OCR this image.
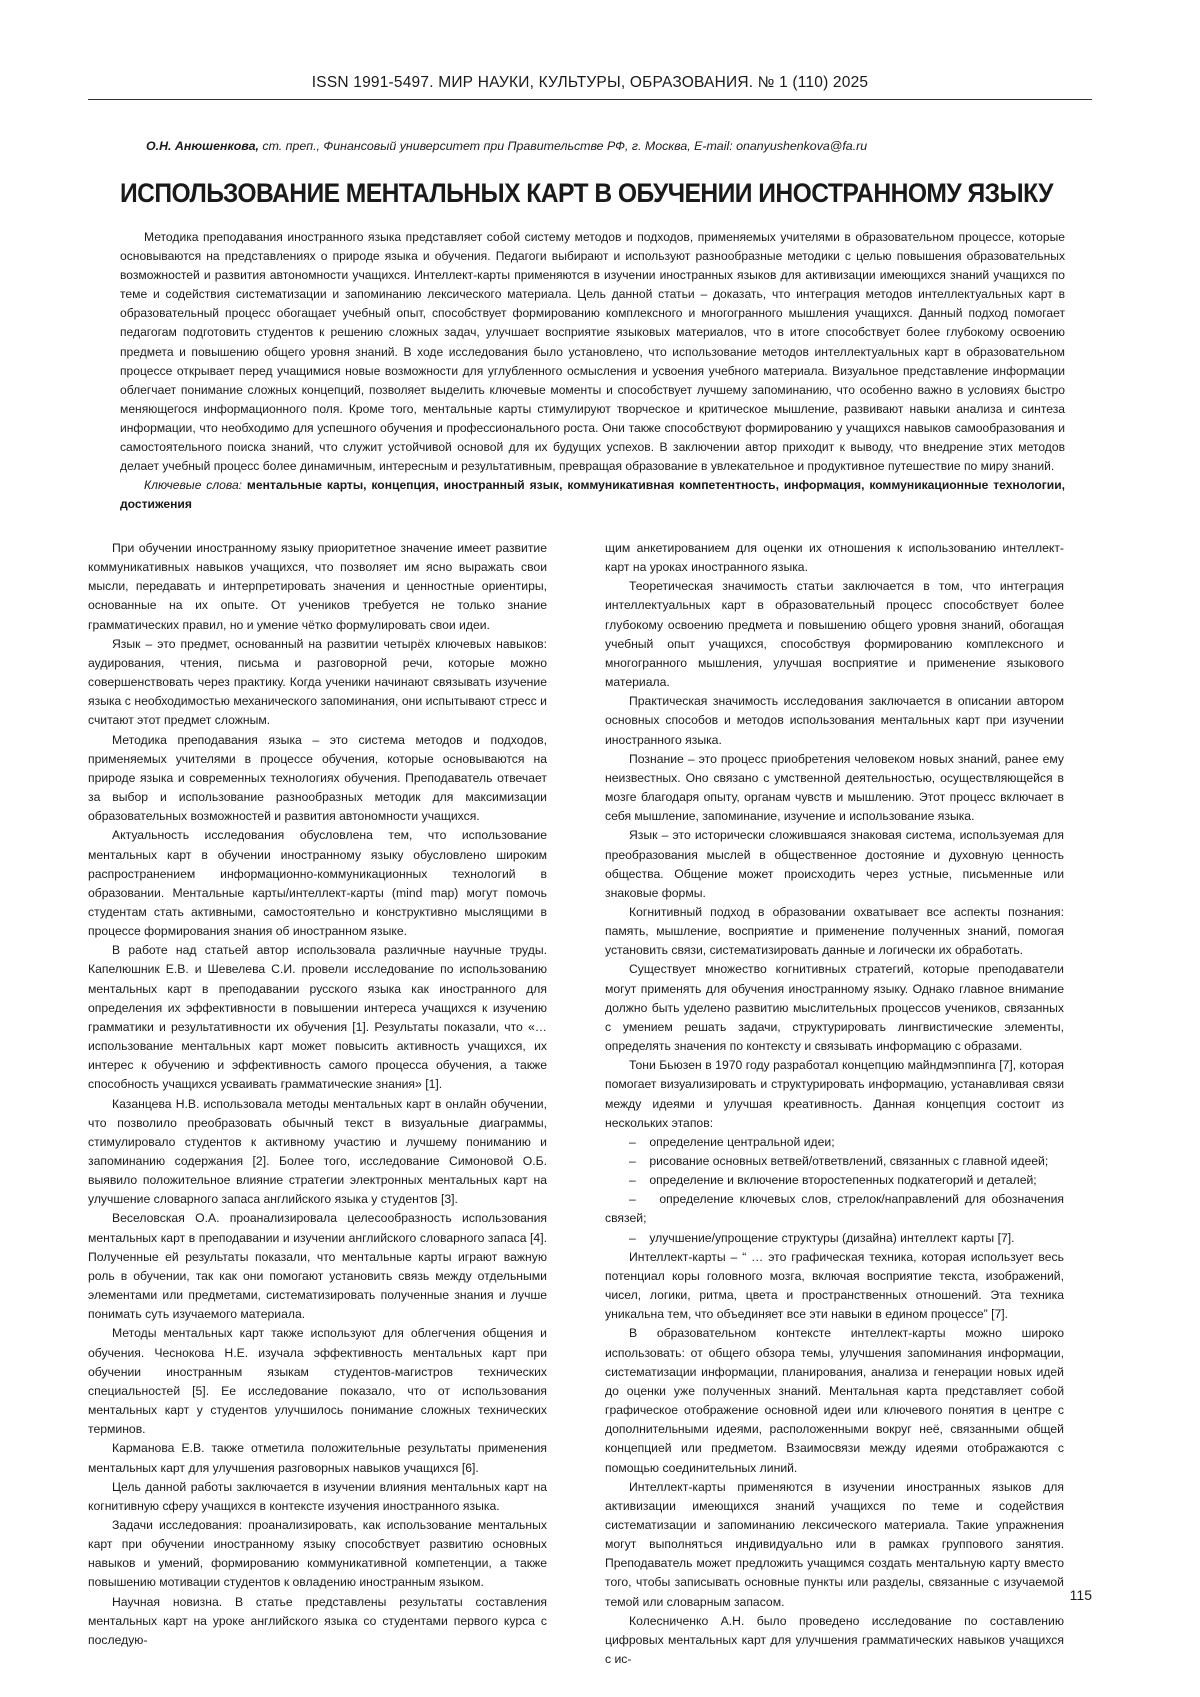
ISSN 1991-5497. МИР НАУКИ, КУЛЬТУРЫ, ОБРАЗОВАНИЯ. № 1 (110) 2025
О.Н. Анюшенкова, ст. преп., Финансовый университет при Правительстве РФ, г. Москва, E-mail: onanyushenkova@fa.ru
ИСПОЛЬЗОВАНИЕ МЕНТАЛЬНЫХ КАРТ В ОБУЧЕНИИ ИНОСТРАННОМУ ЯЗЫКУ

Методика преподавания иностранного языка представляет собой систему методов и подходов, применяемых учителями в образовательном процессе, которые основываются на представлениях о природе языка и обучения. Педагоги выбирают и используют разнообразные методики с целью повышения образовательных возможностей и развития автономности учащихся. Интеллект-карты применяются в изучении иностранных языков для активизации имеющихся знаний учащихся по теме и содействия систематизации и запоминанию лексического материала. Цель данной статьи – доказать, что интеграция методов интеллектуальных карт в образовательный процесс обогащает учебный опыт, способствует формированию комплексного и многогранного мышления учащихся. Данный подход помогает педагогам подготовить студентов к решению сложных задач, улучшает восприятие языковых материалов, что в итоге способствует более глубокому освоению предмета и повышению общего уровня знаний. В ходе исследования было установлено, что использование методов интеллектуальных карт в образовательном процессе открывает перед учащимися новые возможности для углубленного осмысления и усвоения учебного материала. Визуальное представление информации облегчает понимание сложных концепций, позволяет выделить ключевые моменты и способствует лучшему запоминанию, что особенно важно в условиях быстро меняющегося информационного поля. Кроме того, ментальные карты стимулируют творческое и критическое мышление, развивают навыки анализа и синтеза информации, что необходимо для успешного обучения и профессионального роста. Они также способствуют формированию у учащихся навыков самообразования и самостоятельного поиска знаний, что служит устойчивой основой для их будущих успехов. В заключении автор приходит к выводу, что внедрение этих методов делает учебный процесс более динамичным, интересным и результативным, превращая образование в увлекательное и продуктивное путешествие по миру знаний.

Ключевые слова: ментальные карты, концепция, иностранный язык, коммуникативная компетентность, информация, коммуникационные технологии, достижения

При обучении иностранному языку приоритетное значение имеет развитие коммуникативных навыков учащихся, что позволяет им ясно выражать свои мысли, передавать и интерпретировать значения и ценностные ориентиры, основанные на их опыте. От учеников требуется не только знание грамматических правил, но и умение чётко формулировать свои идеи.

Язык – это предмет, основанный на развитии четырёх ключевых навыков: аудирования, чтения, письма и разговорной речи, которые можно совершенствовать через практику. Когда ученики начинают связывать изучение языка с необходимостью механического запоминания, они испытывают стресс и считают этот предмет сложным.

Методика преподавания языка – это система методов и подходов, применяемых учителями в процессе обучения, которые основываются на природе языка и современных технологиях обучения. Преподаватель отвечает за выбор и использование разнообразных методик для максимизации образовательных возможностей и развития автономности учащихся.

Актуальность исследования обусловлена тем, что использование ментальных карт в обучении иностранному языку обусловлено широким распространением информационно-коммуникационных технологий в образовании. Ментальные карты/интеллект-карты (mind map) могут помочь студентам стать активными, самостоятельно и конструктивно мыслящими в процессе формирования знания об иностранном языке.

В работе над статьей автор использовала различные научные труды. Капелюшник Е.В. и Шевелева С.И. провели исследование по использованию ментальных карт в преподавании русского языка как иностранного для определения их эффективности в повышении интереса учащихся к изучению грамматики и результативности их обучения [1]. Результаты показали, что «… использование ментальных карт может повысить активность учащихся, их интерес к обучению и эффективность самого процесса обучения, а также способность учащихся усваивать грамматические знания» [1].

Казанцева Н.В. использовала методы ментальных карт в онлайн обучении, что позволило преобразовать обычный текст в визуальные диаграммы, стимулировало студентов к активному участию и лучшему пониманию и запоминанию содержания [2]. Более того, исследование Симоновой О.Б. выявило положительное влияние стратегии электронных ментальных карт на улучшение словарного запаса английского языка у студентов [3].

Веселовская О.А. проанализировала целесообразность использования ментальных карт в преподавании и изучении английского словарного запаса [4]. Полученные ей результаты показали, что ментальные карты играют важную роль в обучении, так как они помогают установить связь между отдельными элементами или предметами, систематизировать полученные знания и лучше понимать суть изучаемого материала.

Методы ментальных карт также используют для облегчения общения и обучения. Чеснокова Н.Е. изучала эффективность ментальных карт при обучении иностранным языкам студентов-магистров технических специальностей [5]. Ее исследование показало, что от использования ментальных карт у студентов улучшилось понимание сложных технических терминов.

Карманова Е.В. также отметила положительные результаты применения ментальных карт для улучшения разговорных навыков учащихся [6].

Цель данной работы заключается в изучении влияния ментальных карт на когнитивную сферу учащихся в контексте изучения иностранного языка.

Задачи исследования: проанализировать, как использование ментальных карт при обучении иностранному языку способствует развитию основных навыков и умений, формированию коммуникативной компетенции, а также повышению мотивации студентов к овладению иностранным языком.

Научная новизна. В статье представлены результаты составления ментальных карт на уроке английского языка со студентами первого курса с последую-

щим анкетированием для оценки их отношения к использованию интеллект-карт на уроках иностранного языка.

Теоретическая значимость статьи заключается в том, что интеграция интеллектуальных карт в образовательный процесс способствует более глубокому освоению предмета и повышению общего уровня знаний, обогащая учебный опыт учащихся, способствуя формированию комплексного и многогранного мышления, улучшая восприятие и применение языкового материала.

Практическая значимость исследования заключается в описании автором основных способов и методов использования ментальных карт при изучении иностранного языка.

Познание – это процесс приобретения человеком новых знаний, ранее ему неизвестных. Оно связано с умственной деятельностью, осуществляющейся в мозге благодаря опыту, органам чувств и мышлению. Этот процесс включает в себя мышление, запоминание, изучение и использование языка.

Язык – это исторически сложившаяся знаковая система, используемая для преобразования мыслей в общественное достояние и духовную ценность общества. Общение может происходить через устные, письменные или знаковые формы.

Когнитивный подход в образовании охватывает все аспекты познания: память, мышление, восприятие и применение полученных знаний, помогая установить связи, систематизировать данные и логически их обработать.

Существует множество когнитивных стратегий, которые преподаватели могут применять для обучения иностранному языку. Однако главное внимание должно быть уделено развитию мыслительных процессов учеников, связанных с умением решать задачи, структурировать лингвистические элементы, определять значения по контексту и связывать информацию с образами.

Тони Бьюзен в 1970 году разработал концепцию майндмэппинга [7], которая помогает визуализировать и структурировать информацию, устанавливая связи между идеями и улучшая креативность. Данная концепция состоит из нескольких этапов:

–    определение центральной идеи;

–    рисование основных ветвей/ответвлений, связанных с главной идеей;

–    определение и включение второстепенных подкатегорий и деталей;

–    определение ключевых слов, стрелок/направлений для обозначения связей;

–    улучшение/упрощение структуры (дизайна) интеллект карты [7].

Интеллект-карты – “ … это графическая техника, которая использует весь потенциал коры головного мозга, включая восприятие текста, изображений, чисел, логики, ритма, цвета и пространственных отношений. Эта техника уникальна тем, что объединяет все эти навыки в едином процессе” [7].

В образовательном контексте интеллект-карты можно широко использовать: от общего обзора темы, улучшения запоминания информации, систематизации информации, планирования, анализа и генерации новых идей до оценки уже полученных знаний. Ментальная карта представляет собой графическое отображение основной идеи или ключевого понятия в центре с дополнительными идеями, расположенными вокруг неё, связанными общей концепцией или предметом. Взаимосвязи между идеями отображаются с помощью соединительных линий.

Интеллект-карты применяются в изучении иностранных языков для активизации имеющихся знаний учащихся по теме и содействия систематизации и запоминанию лексического материала. Такие упражнения могут выполняться индивидуально или в рамках группового занятия. Преподаватель может предложить учащимся создать ментальную карту вместо того, чтобы записывать основные пункты или разделы, связанные с изучаемой темой или словарным запасом.

Колесниченко А.Н. было проведено исследование по составлению цифровых ментальных карт для улучшения грамматических навыков учащихся с ис-

115
